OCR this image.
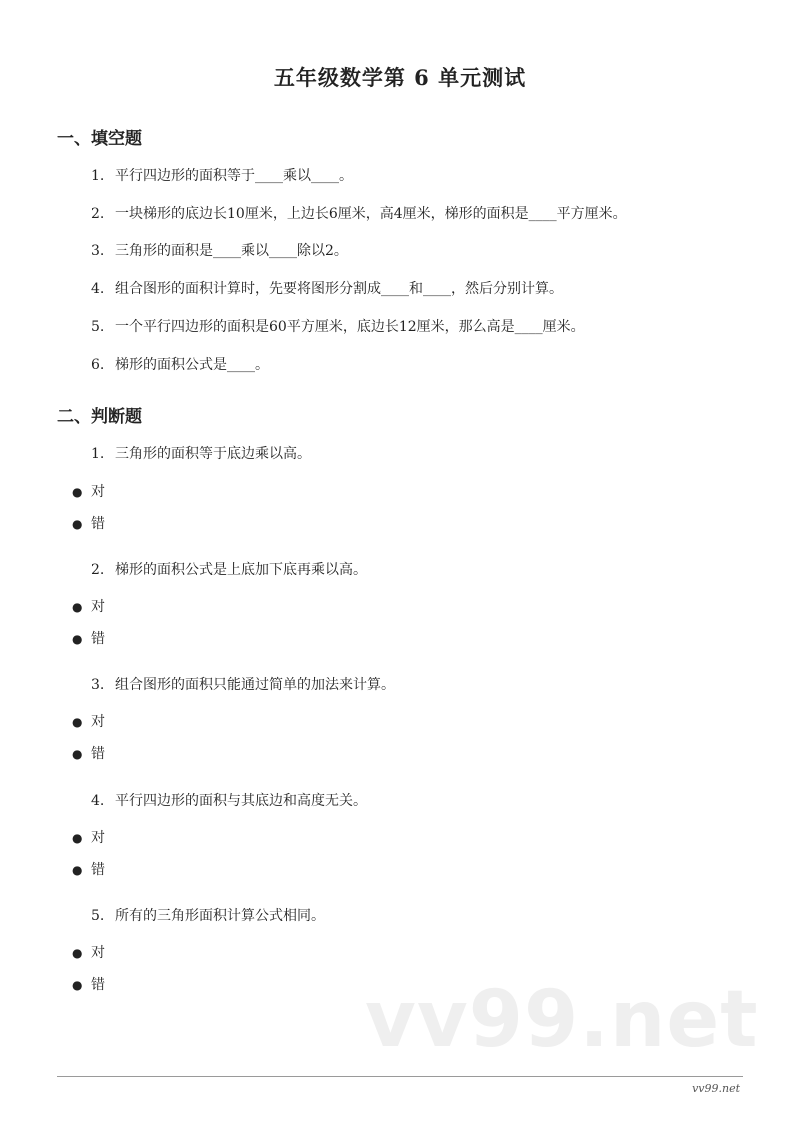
五年级数学第 6 单元测试
一、填空题
1. 平行四边形的面积等于____乘以____。
2. 一块梯形的底边长10厘米，上边长6厘米，高4厘米，梯形的面积是____平方厘米。
3. 三角形的面积是____乘以____除以2。
4. 组合图形的面积计算时，先要将图形分割成____和____，然后分别计算。
5. 一个平行四边形的面积是60平方厘米，底边长12厘米，那么高是____厘米。
6. 梯形的面积公式是____。
二、判断题
1. 三角形的面积等于底边乘以高。
● 对
● 错
2. 梯形的面积公式是上底加下底再乘以高。
● 对
● 错
3. 组合图形的面积只能通过简单的加法来计算。
● 对
● 错
4. 平行四边形的面积与其底边和高度无关。
● 对
● 错
5. 所有的三角形面积计算公式相同。
● 对
● 错	vv99.net
vv99.net
